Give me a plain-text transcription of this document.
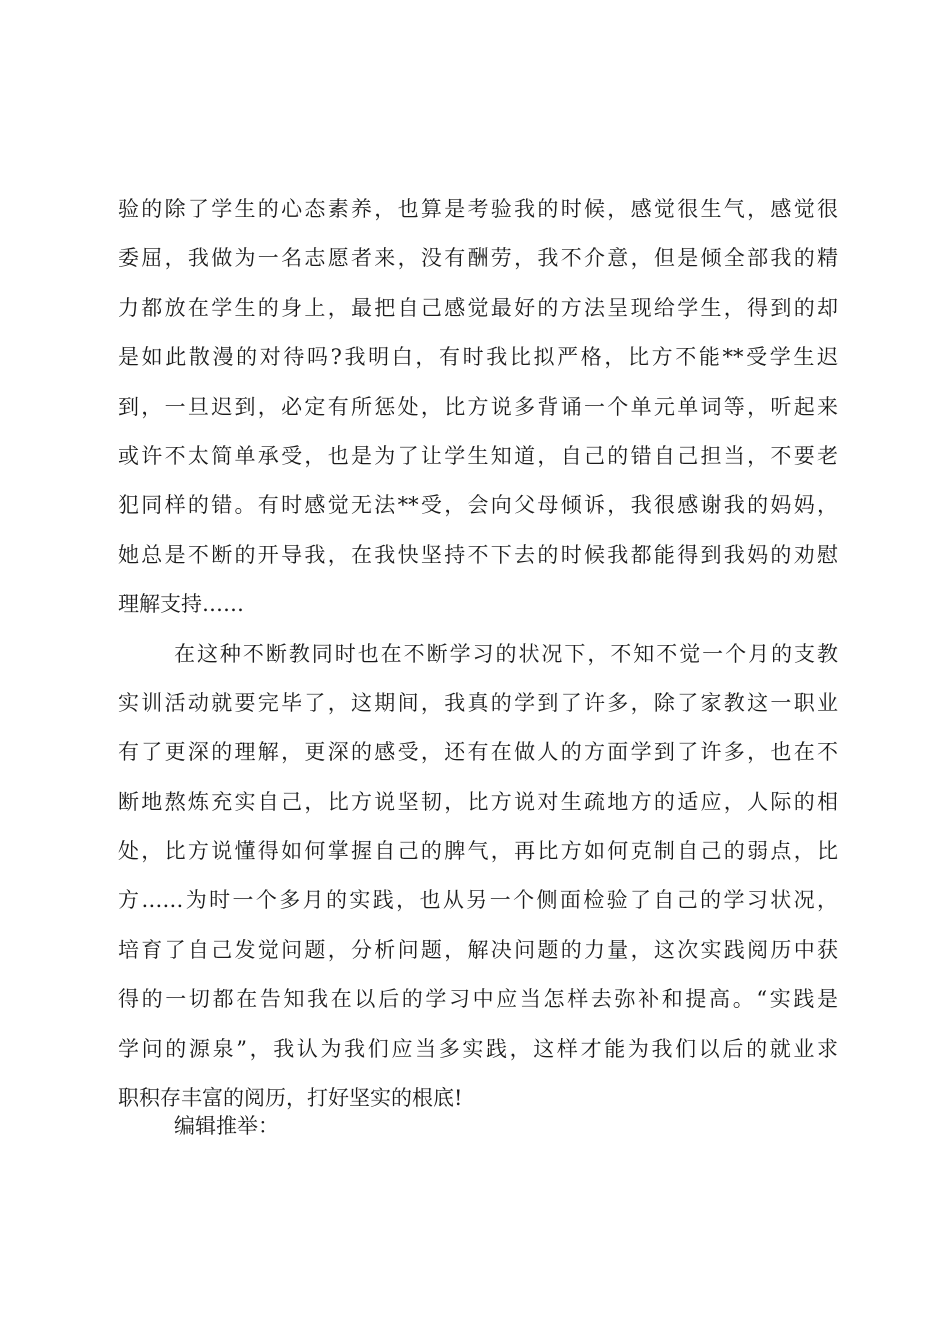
验的除了学生的心态素养，也算是考验我的时候，感觉很生气，感觉很
委屈，我做为一名志愿者来，没有酬劳，我不介意，但是倾全部我的精
力都放在学生的身上，最把自己感觉最好的方法呈现给学生，得到的却
是如此散漫的对待吗?我明白，有时我比拟严格，比方不能**受学生迟
到，一旦迟到，必定有所惩处，比方说多背诵一个单元单词等，听起来
或许不太简单承受，也是为了让学生知道，自己的错自己担当，不要老
犯同样的错。有时感觉无法**受，会向父母倾诉，我很感谢我的妈妈，
她总是不断的开导我，在我快坚持不下去的时候我都能得到我妈的劝慰
理解支持……
在这种不断教同时也在不断学习的状况下，不知不觉一个月的支教
实训活动就要完毕了，这期间，我真的学到了许多，除了家教这一职业
有了更深的理解，更深的感受，还有在做人的方面学到了许多，也在不
断地熬炼充实自己，比方说坚韧，比方说对生疏地方的适应，人际的相
处，比方说懂得如何掌握自己的脾气，再比方如何克制自己的弱点，比
方……为时一个多月的实践，也从另一个侧面检验了自己的学习状况，
培育了自己发觉问题，分析问题，解决问题的力量，这次实践阅历中获
得的一切都在告知我在以后的学习中应当怎样去弥补和提高。“实践是
学问的源泉”，我认为我们应当多实践，这样才能为我们以后的就业求
职积存丰富的阅历，打好坚实的根底!
编辑推举：
